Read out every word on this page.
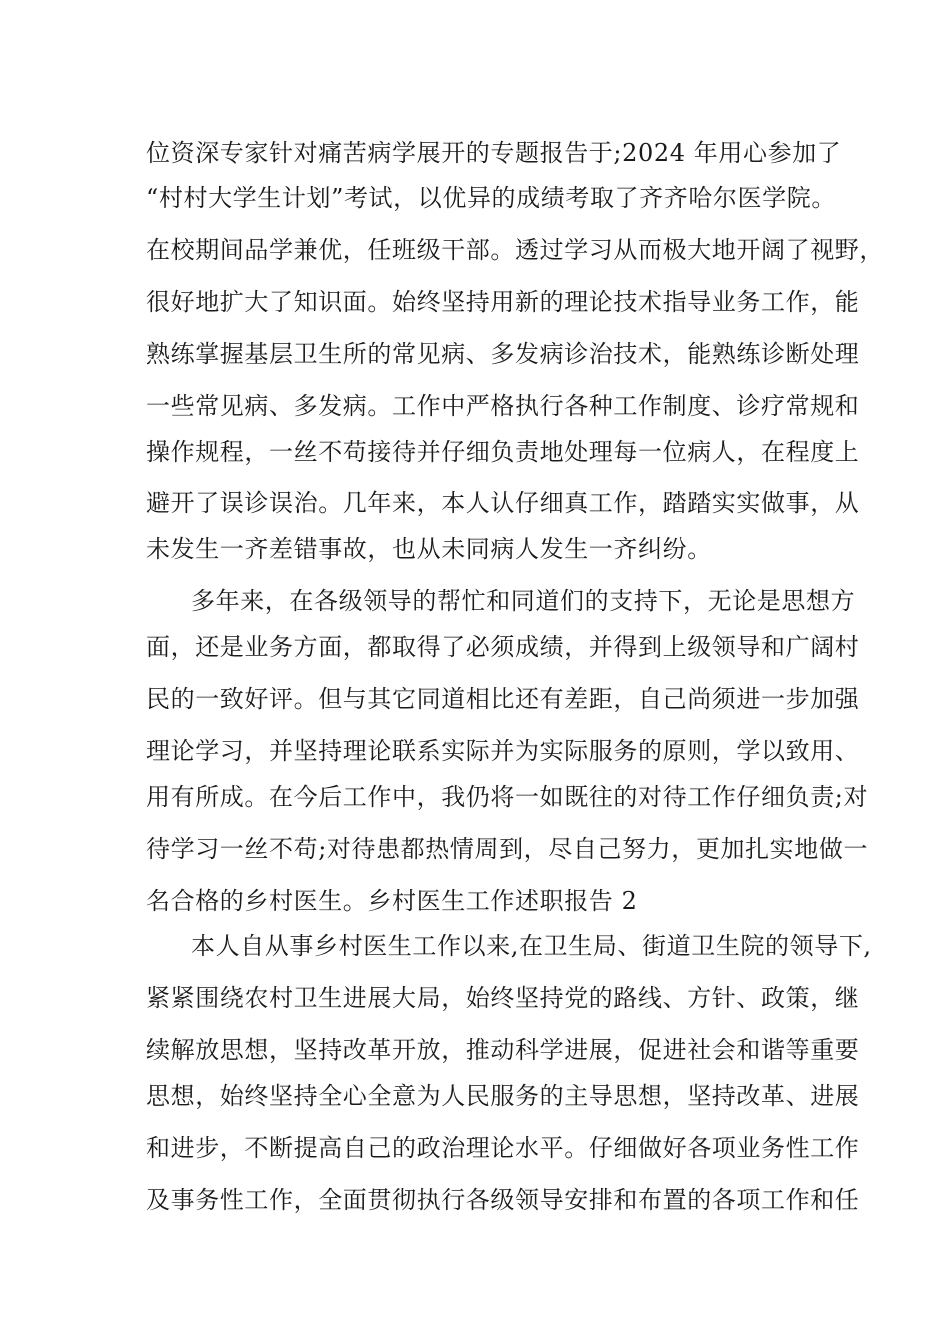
位资深专家针对痛苦病学展开的专题报告于;2024 年用心参加了
“村村大学生计划”考试，以优异的成绩考取了齐齐哈尔医学院。
在校期间品学兼优，任班级干部。透过学习从而极大地开阔了视野，
很好地扩大了知识面。始终坚持用新的理论技术指导业务工作，能
熟练掌握基层卫生所的常见病、多发病诊治技术，能熟练诊断处理
一些常见病、多发病。工作中严格执行各种工作制度、诊疗常规和
操作规程，一丝不苟接待并仔细负责地处理每一位病人，在程度上
避开了误诊误治。几年来，本人认仔细真工作，踏踏实实做事，从
未发生一齐差错事故，也从未同病人发生一齐纠纷。
多年来，在各级领导的帮忙和同道们的支持下，无论是思想方
面，还是业务方面，都取得了必须成绩，并得到上级领导和广阔村
民的一致好评。但与其它同道相比还有差距，自己尚须进一步加强
理论学习，并坚持理论联系实际并为实际服务的原则，学以致用、
用有所成。在今后工作中，我仍将一如既往的对待工作仔细负责;对
待学习一丝不苟;对待患都热情周到，尽自己努力，更加扎实地做一
名合格的乡村医生。乡村医生工作述职报告 2
本人自从事乡村医生工作以来,在卫生局、街道卫生院的领导下,
紧紧围绕农村卫生进展大局，始终坚持党的路线、方针、政策，继
续解放思想，坚持改革开放，推动科学进展，促进社会和谐等重要
思想，始终坚持全心全意为人民服务的主导思想，坚持改革、进展
和进步，不断提高自己的政治理论水平。仔细做好各项业务性工作
及事务性工作，全面贯彻执行各级领导安排和布置的各项工作和任
